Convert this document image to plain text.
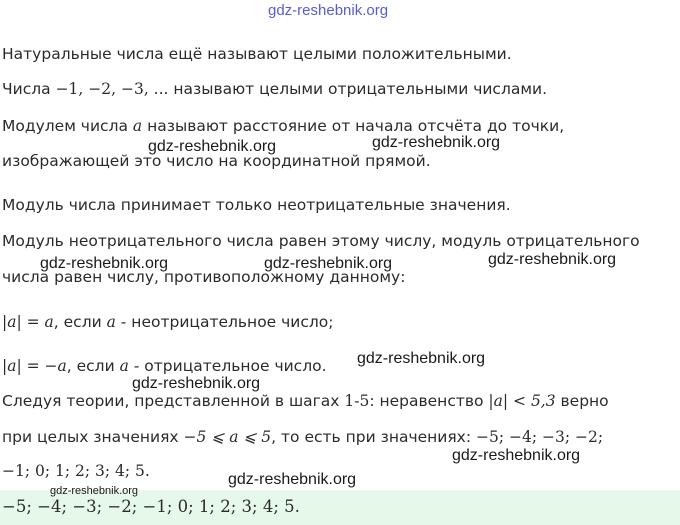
gdz-reshebnik.org
Натуральные числа ещё называют целыми положительными.
Числа −1, −2, −3, ... называют целыми отрицательными числами.
Модулем числа a называют расстояние от начала отсчёта до точки,
gdz-reshebnik.org	gdz-reshebnik.org
изображающей это число на координатной прямой.
Модуль числа принимает только неотрицательные значения.
Модуль неотрицательного числа равен этому числу, модуль отрицательного
gdz-reshebnik.org	gdz-reshebnik.org	gdz-reshebnik.org
числа равен числу, противоположному данному:
|a| = a, если a - неотрицательное число;
|a| = −a, если a - отрицательное число. gdz-reshebnik.org
gdz-reshebnik.org
Следуя теории, представленной в шагах 1-5: неравенство |a| < 5,3 верно
при целых значениях −5 ⩽ a ⩽ 5, то есть при значениях: −5; −4; −3; −2;
gdz-reshebnik.org
−1; 0; 1; 2; 3; 4; 5.	gdz-reshebnik.org
gdz-reshebnik.org
−5; −4; −3; −2; −1; 0; 1; 2; 3; 4; 5.
